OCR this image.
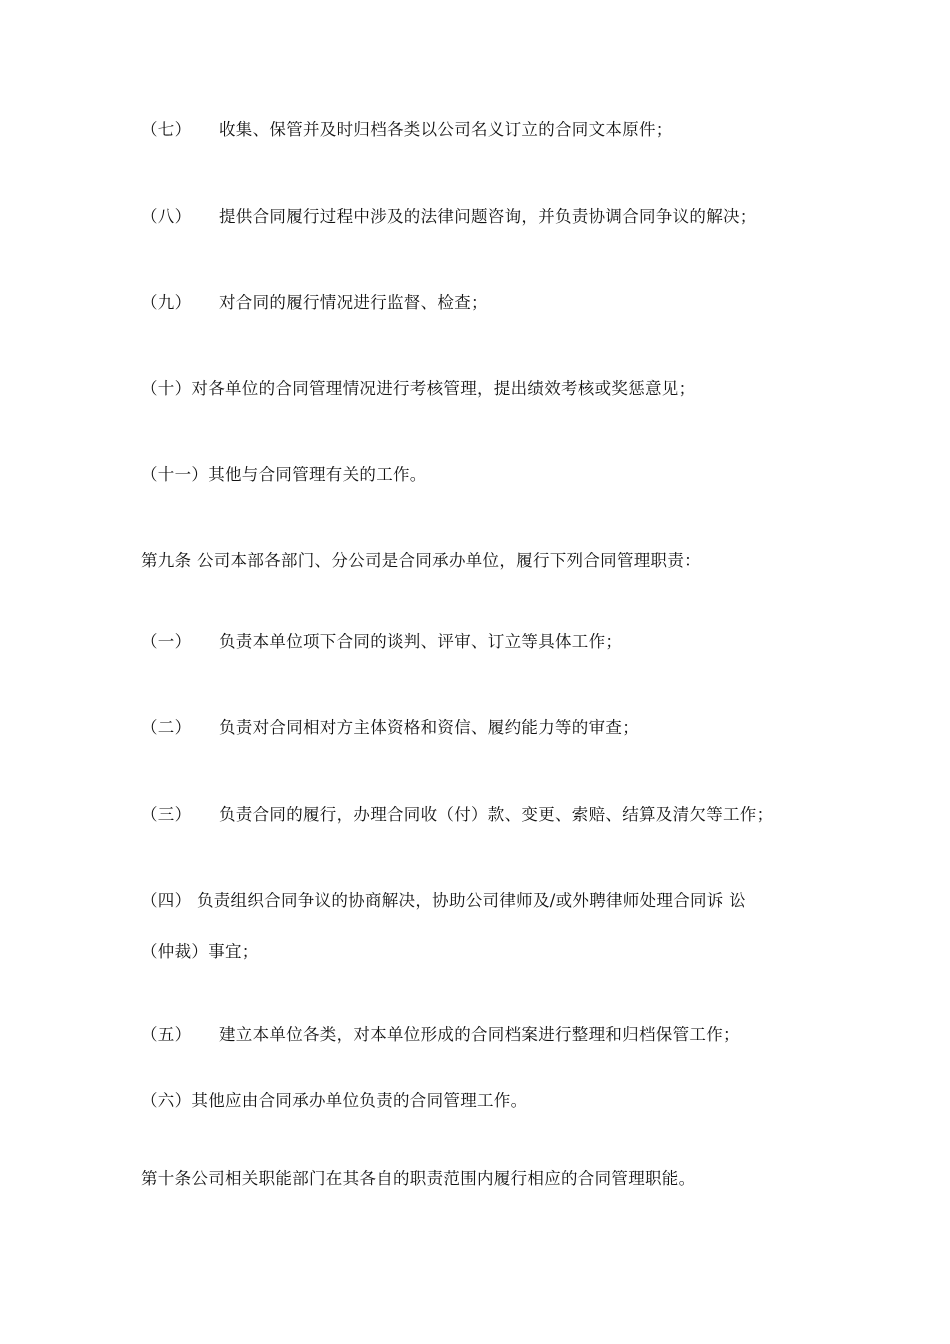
（七） 收集、保管并及时归档各类以公司名义订立的合同文本原件；
（八） 提供合同履行过程中涉及的法律问题咨询，并负责协调合同争议的解决；
（九） 对合同的履行情况进行监督、检查；
（十）对各单位的合同管理情况进行考核管理，提出绩效考核或奖惩意见；
（十一）其他与合同管理有关的工作。
第九条 公司本部各部门、分公司是合同承办单位，履行下列合同管理职责：
（一） 负责本单位项下合同的谈判、评审、订立等具体工作；
（二） 负责对合同相对方主体资格和资信、履约能力等的审查；
（三） 负责合同的履行，办理合同收（付）款、变更、索赔、结算及清欠等工作；
（四） 负责组织合同争议的协商解决，协助公司律师及/或外聘律师处理合同诉 讼
（仲裁）事宜；
（五） 建立本单位各类，对本单位形成的合同档案进行整理和归档保管工作；
（六）其他应由合同承办单位负责的合同管理工作。
第十条公司相关职能部门在其各自的职责范围内履行相应的合同管理职能。
